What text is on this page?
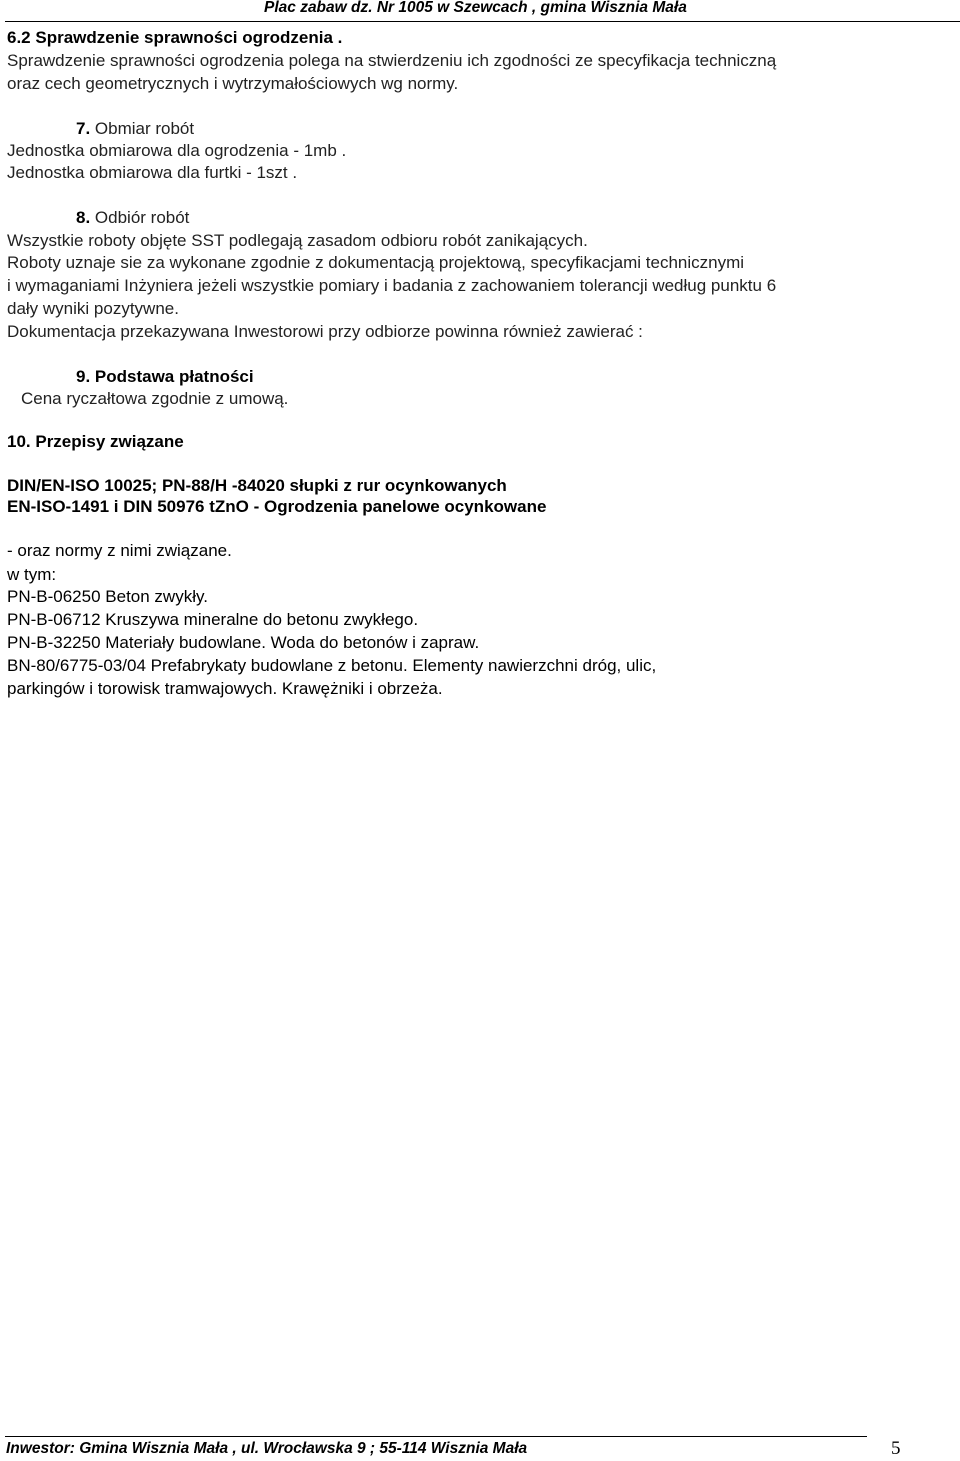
Plac zabaw dz. Nr 1005 w Szewcach , gmina Wisznia Mała
6.2 Sprawdzenie sprawności ogrodzenia .
Sprawdzenie sprawności ogrodzenia polega na stwierdzeniu ich zgodności ze specyfikacja techniczną
oraz cech geometrycznych i wytrzymałościowych wg normy.
7. Obmiar robót
Jednostka obmiarowa dla ogrodzenia - 1mb .
Jednostka obmiarowa dla furtki - 1szt .
8. Odbiór robót
Wszystkie roboty objęte SST podlegają zasadom odbioru robót zanikających.
Roboty uznaje sie za wykonane zgodnie z dokumentacją projektową, specyfikacjami technicznymi
i wymaganiami Inżyniera jeżeli wszystkie pomiary i badania z zachowaniem tolerancji według punktu 6
dały wyniki pozytywne.
Dokumentacja przekazywana Inwestorowi przy odbiorze powinna również zawierać :
9. Podstawa płatności
Cena ryczałtowa zgodnie z umową.
10. Przepisy związane
DIN/EN-ISO 10025; PN-88/H -84020 słupki z rur ocynkowanych
EN-ISO-1491 i DIN 50976 tZnO - Ogrodzenia panelowe ocynkowane
- oraz normy z nimi związane.
w tym:
PN-B-06250 Beton zwykły.
PN-B-06712 Kruszywa mineralne do betonu zwykłego.
PN-B-32250 Materiały budowlane. Woda do betonów i zapraw.
BN-80/6775-03/04 Prefabrykaty budowlane z betonu. Elementy nawierzchni dróg, ulic,
parkingów i torowisk tramwajowych. Krawężniki i obrzeża.
Inwestor: Gmina Wisznia Mała , ul. Wrocławska 9 ; 55-114 Wisznia Mała	5
